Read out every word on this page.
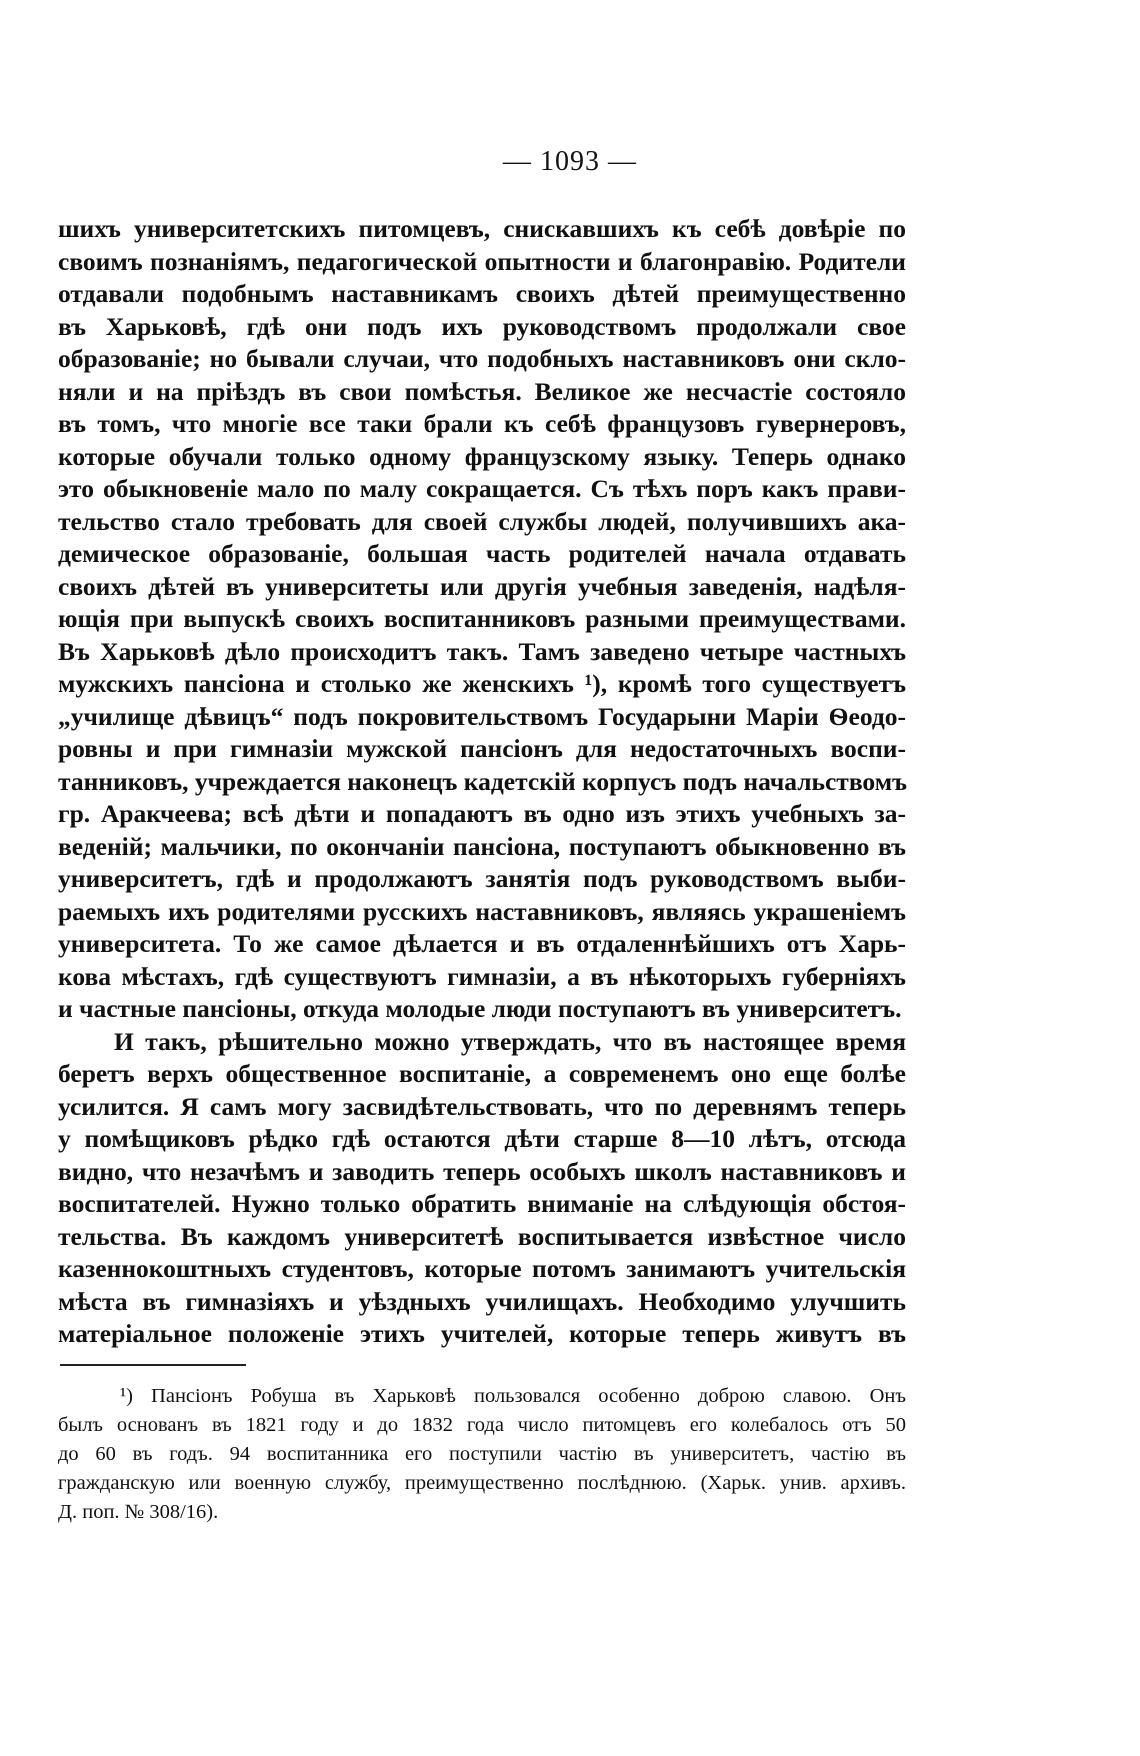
— 1093 —
шихъ университетскихъ питомцевъ, снискавшихъ къ себѣ довѣріе по
своимъ познаніямъ, педагогической опытности и благонравію. Родители
отдавали подобнымъ наставникамъ своихъ дѣтей преимущественно
въ Харьковѣ, гдѣ они подъ ихъ руководствомъ продолжали свое
образованіе; но бывали случаи, что подобныхъ наставниковъ они скло-
няли и на пріѣздъ въ свои помѣстья. Великое же несчастіе состояло
въ томъ, что многіе все таки брали къ себѣ французовъ гувернеровъ,
которые обучали только одному французскому языку. Теперь однако
это обыкновеніе мало по малу сокращается. Съ тѣхъ поръ какъ прави-
тельство стало требовать для своей службы людей, получившихъ ака-
демическое образованіе, большая часть родителей начала отдавать
своихъ дѣтей въ университеты или другія учебныя заведенія, надѣля-
ющія при выпускѣ своихъ воспитанниковъ разными преимуществами.
Въ Харьковѣ дѣло происходитъ такъ. Тамъ заведено четыре частныхъ
мужскихъ пансіона и столько же женскихъ ¹), кромѣ того существуетъ
„училище дѣвицъ“ подъ покровительствомъ Государыни Маріи Ѳеодо-
ровны и при гимназіи мужской пансіонъ для недостаточныхъ воспи-
танниковъ, учреждается наконецъ кадетскій корпусъ подъ начальствомъ
гр. Аракчеева; всѣ дѣти и попадаютъ въ одно изъ этихъ учебныхъ за-
веденій; мальчики, по окончаніи пансіона, поступаютъ обыкновенно въ
университетъ, гдѣ и продолжаютъ занятія подъ руководствомъ выби-
раемыхъ ихъ родителями русскихъ наставниковъ, являясь украшеніемъ
университета. То же самое дѣлается и въ отдаленнѣйшихъ отъ Харь-
кова мѣстахъ, гдѣ существуютъ гимназіи, а въ нѣкоторыхъ губерніяхъ
и частные пансіоны, откуда молодые люди поступаютъ въ университетъ.
И такъ, рѣшительно можно утверждать, что въ настоящее время
беретъ верхъ общественное воспитаніе, а современемъ оно еще болѣе
усилится. Я самъ могу засвидѣтельствовать, что по деревнямъ теперь
у помѣщиковъ рѣдко гдѣ остаются дѣти старше 8—10 лѣтъ, отсюда
видно, что незачѣмъ и заводить теперь особыхъ школъ наставниковъ и
воспитателей. Нужно только обратить вниманіе на слѣдующія обстоя-
тельства. Въ каждомъ университетѣ воспитывается извѣстное число
казеннокоштныхъ студентовъ, которые потомъ занимаютъ учительскія
мѣста въ гимназіяхъ и уѣздныхъ училищахъ. Необходимо улучшить
матеріальное положеніе этихъ учителей, которые теперь живутъ въ
¹) Пансіонъ Робуша въ Харьковѣ пользовался особенно доброю славою. Онъ
былъ основанъ въ 1821 году и до 1832 года число питомцевъ его колебалось отъ 50
до 60 въ годъ. 94 воспитанника его поступили частію въ университетъ, частію въ
гражданскую или военную службу, преимущественно послѣднюю. (Харьк. унив. архивъ.
Д. поп. № 308/16).
